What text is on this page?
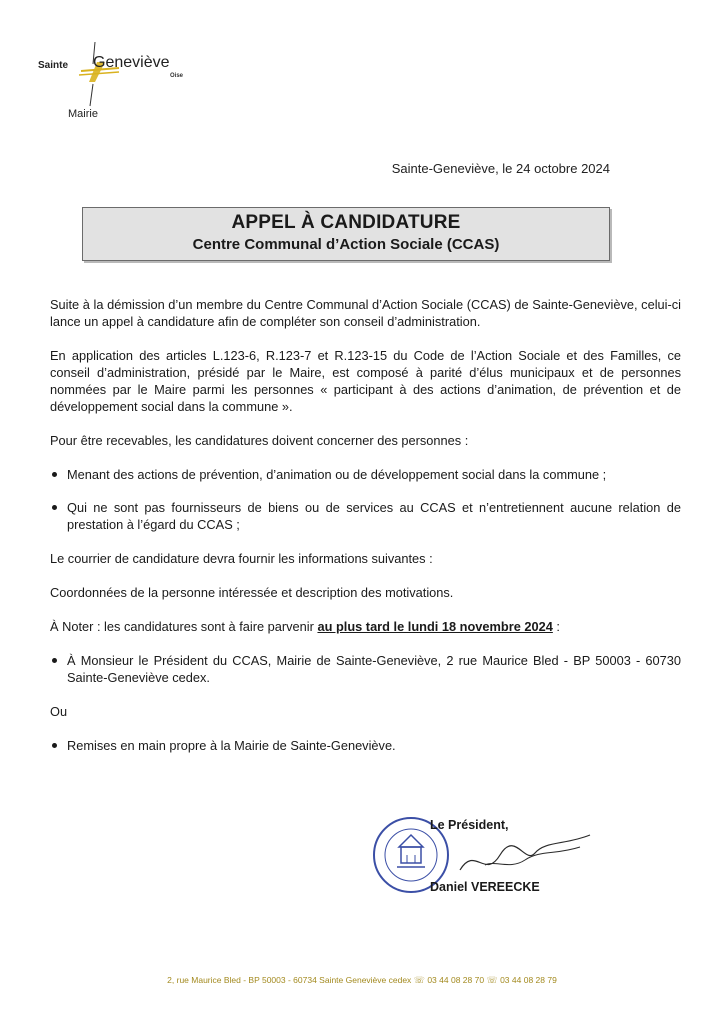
Sainte Geneviève
Oise
Mairie
Sainte-Geneviève, le 24 octobre 2024
APPEL À CANDIDATURE
Centre Communal d’Action Sociale (CCAS)

Suite à la démission d’un membre du Centre Communal d’Action Sociale (CCAS) de Sainte-Geneviève, celui-ci lance un appel à candidature afin de compléter son conseil d’administration.

En application des articles L.123-6, R.123-7 et R.123-15 du Code de l’Action Sociale et des Familles, ce conseil d’administration, présidé par le Maire, est composé à parité d’élus municipaux et de personnes nommées par le Maire parmi les personnes « participant à des actions d’animation, de prévention et de développement social dans la commune ».

Pour être recevables, les candidatures doivent concerner des personnes :

Menant des actions de prévention, d’animation ou de développement social dans la commune ;
Qui ne sont pas fournisseurs de biens ou de services au CCAS et n’entretiennent aucune relation de prestation à l’égard du CCAS ;

Le courrier de candidature devra fournir les informations suivantes :

Coordonnées de la personne intéressée et description des motivations.

À Noter : les candidatures sont à faire parvenir au plus tard le lundi 18 novembre 2024 :

À Monsieur le Président du CCAS, Mairie de Sainte-Geneviève, 2 rue Maurice Bled - BP 50003 - 60730 Sainte-Geneviève cedex.

Ou

Remises en main propre à la Mairie de Sainte-Geneviève.
Le Président,
Daniel VEREECKE
2, rue Maurice Bled - BP 50003 - 60734 Sainte Geneviève cedex ☏ 03 44 08 28 70 ☏ 03 44 08 28 79
